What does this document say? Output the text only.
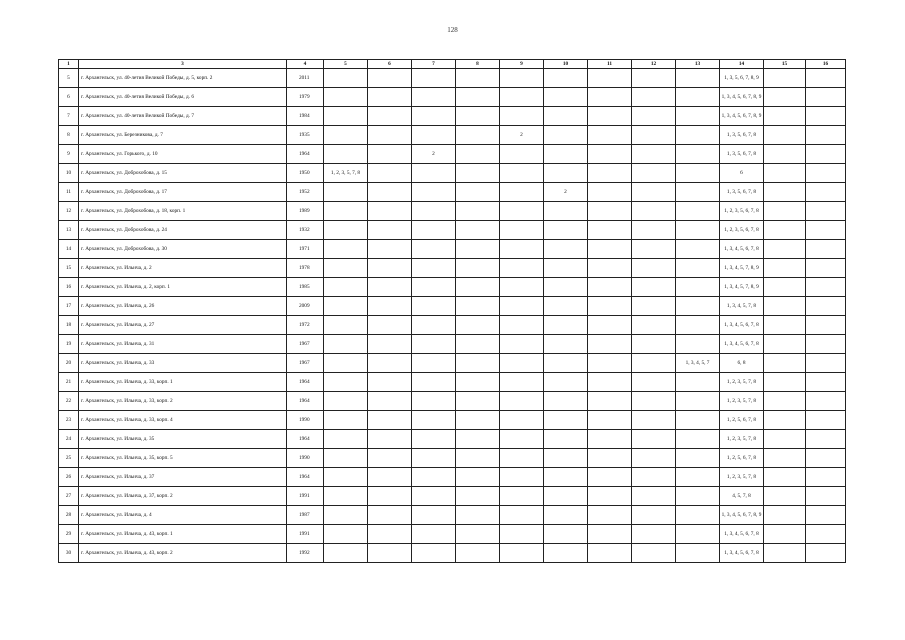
128
1	3	4	5	6	7	8	9	10	11	12	13	14	15	16
5	г. Архангельск, ул. 40-летия Великой Победы, д. 5, корп. 2	2011										1, 3, 5, 6, 7, 8, 9		
6	г. Архангельск, ул. 40-летия Великой Победы, д. 6	1979										1, 3, 4, 5, 6, 7, 8, 9		
7	г. Архангельск, ул. 40-летия Великой Победы, д. 7	1984										1, 3, 4, 5, 6, 7, 8, 9		
8	г. Архангельск, ул. Березникова, д. 7	1935					2					1, 3, 5, 6, 7, 8		
9	г. Архангельск, ул. Горького, д. 10	1964			2							1, 3, 5, 6, 7, 8		
10	г. Архангельск, ул. Доброхобова, д. 15	1950	1, 2, 3, 5, 7, 8									6		
11	г. Архангельск, ул. Доброхобова, д. 17	1952						2				1, 3, 5, 6, 7, 8		
12	г. Архангельск, ул. Доброхобова, д. 18, корп. 1	1989										1, 2, 3, 5, 6, 7, 8		
13	г. Архангельск, ул. Доброхобова, д. 24	1932										1, 2, 3, 5, 6, 7, 8		
14	г. Архангельск, ул. Доброхобова, д. 30	1971										1, 3, 4, 5, 6, 7, 8		
15	г. Архангельск, ул. Ильича, д. 2	1978										1, 3, 4, 5, 7, 8, 9		
16	г. Архангельск, ул. Ильича, д. 2, корп. 1	1985										1, 3, 4, 5, 7, 8, 9		
17	г. Архангельск, ул. Ильича, д. 26	2009										1, 3, 4, 5, 7, 8		
18	г. Архангельск, ул. Ильича, д. 27	1972										1, 3, 4, 5, 6, 7, 8		
19	г. Архангельск, ул. Ильича, д. 31	1967										1, 3, 4, 5, 6, 7, 8		
20	г. Архангельск, ул. Ильича, д. 33	1967									1, 3, 4, 5, 7	6, 8		
21	г. Архангельск, ул. Ильича, д. 33, корп. 1	1964										1, 2, 3, 5, 7, 8		
22	г. Архангельск, ул. Ильича, д. 33, корп. 2	1964										1, 2, 3, 5, 7, 8		
23	г. Архангельск, ул. Ильича, д. 33, корп. 4	1990										1, 2, 5, 6, 7, 8		
24	г. Архангельск, ул. Ильича, д. 35	1964										1, 2, 3, 5, 7, 8		
25	г. Архангельск, ул. Ильича, д. 35, корп. 5	1990										1, 2, 5, 6, 7, 8		
26	г. Архангельск, ул. Ильича, д. 37	1964										1, 2, 3, 5, 7, 8		
27	г. Архангельск, ул. Ильича, д. 37, корп. 2	1991										4, 5, 7, 8		
28	г. Архангельск, ул. Ильича, д. 4	1987										1, 3, 4, 5, 6, 7, 8, 9		
29	г. Архангельск, ул. Ильича, д. 43, корп. 1	1991										1, 3, 4, 5, 6, 7, 8		
30	г. Архангельск, ул. Ильича, д. 43, корп. 2	1992										1, 3, 4, 5, 6, 7, 8		
